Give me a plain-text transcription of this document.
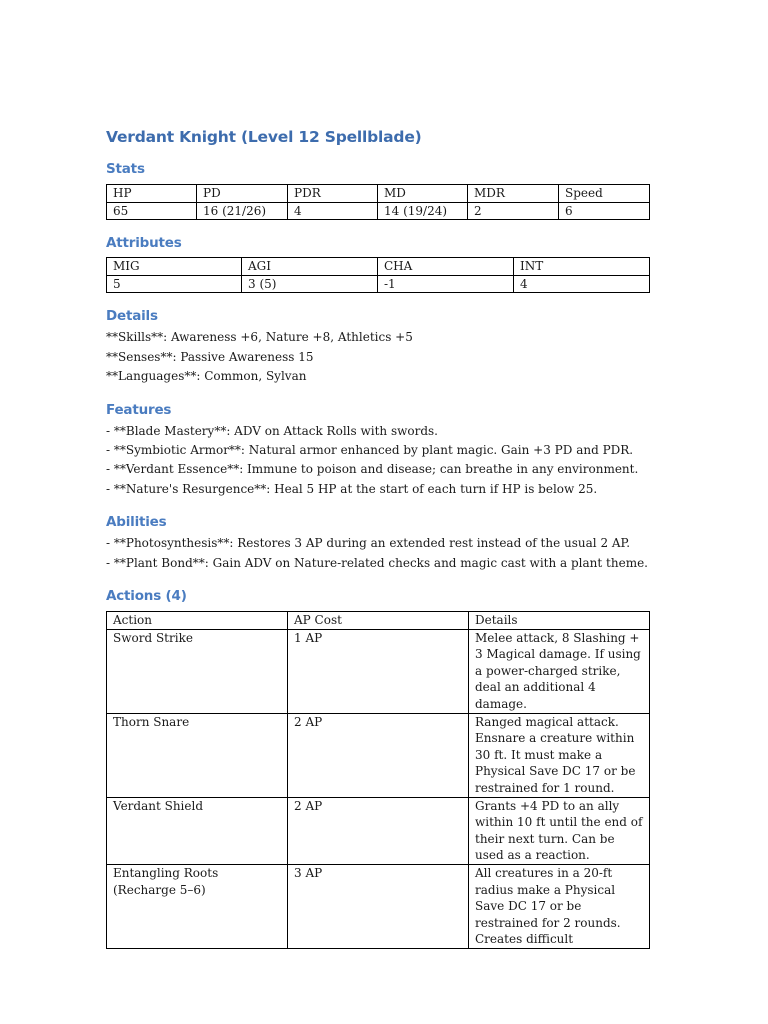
Verdant Knight (Level 12 Spellblade)
Stats
HP	PD	PDR	MD	MDR	Speed
65	16 (21/26)	4	14 (19/24)	2	6
Attributes
MIG	AGI	CHA	INT
5	3 (5)	-1	4
Details

**Skills**: Awareness +6, Nature +8, Athletics +5

**Senses**: Passive Awareness 15

**Languages**: Common, Sylvan

Features

- **Blade Mastery**: ADV on Attack Rolls with swords.

- **Symbiotic Armor**: Natural armor enhanced by plant magic. Gain +3 PD and PDR.

- **Verdant Essence**: Immune to poison and disease; can breathe in any environment.

- **Nature's Resurgence**: Heal 5 HP at the start of each turn if HP is below 25.

Abilities

- **Photosynthesis**: Restores 3 AP during an extended rest instead of the usual 2 AP.

- **Plant Bond**: Gain ADV on Nature-related checks and magic cast with a plant theme.

Actions (4)
Action	AP Cost	Details
Sword Strike	1 AP	Melee attack, 8 Slashing + 3 Magical damage. If using a power-charged strike, deal an additional 4 damage.
Thorn Snare	2 AP	Ranged magical attack. Ensnare a creature within 30 ft. It must make a Physical Save DC 17 or be restrained for 1 round.
Verdant Shield	2 AP	Grants +4 PD to an ally within 10 ft until the end of their next turn. Can be used as a reaction.
Entangling Roots (Recharge 5–6)	3 AP	All creatures in a 20-ft radius make a Physical Save DC 17 or be restrained for 2 rounds. Creates difficult
